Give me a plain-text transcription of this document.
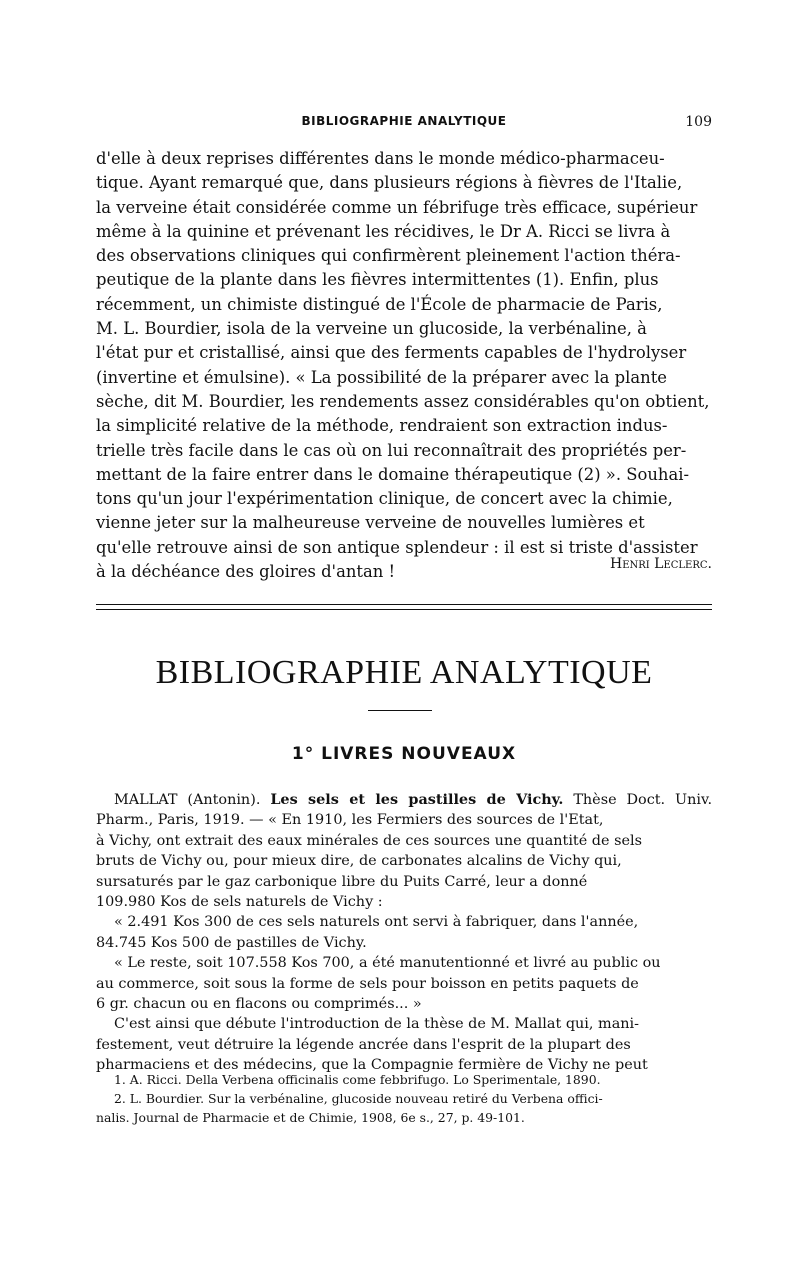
BIBLIOGRAPHIE ANALYTIQUE	109

d'elle à deux reprises différentes dans le monde médico-pharmaceu-

tique. Ayant remarqué que, dans plusieurs régions à fièvres de l'Italie,

la verveine était considérée comme un fébrifuge très efficace, supérieur

même à la quinine et prévenant les récidives, le Dr A. Ricci se livra à

des observations cliniques qui confirmèrent pleinement l'action théra-

peutique de la plante dans les fièvres intermittentes (1). Enfin, plus

récemment, un chimiste distingué de l'École de pharmacie de Paris,

M. L. Bourdier, isola de la verveine un glucoside, la verbénaline, à

l'état pur et cristallisé, ainsi que des ferments capables de l'hydrolyser

(invertine et émulsine). « La possibilité de la préparer avec la plante

sèche, dit M. Bourdier, les rendements assez considérables qu'on obtient,

la simplicité relative de la méthode, rendraient son extraction indus-

trielle très facile dans le cas où on lui reconnaîtrait des propriétés per-

mettant de la faire entrer dans le domaine thérapeutique (2) ». Souhai-

tons qu'un jour l'expérimentation clinique, de concert avec la chimie,

vienne jeter sur la malheureuse verveine de nouvelles lumières et

qu'elle retrouve ainsi de son antique splendeur : il est si triste d'assister

à la déchéance des gloires d'antan !	Henri Leclerc.
BIBLIOGRAPHIE ANALYTIQUE
1° LIVRES NOUVEAUX

MALLAT (Antonin). Les sels et les pastilles de Vichy. Thèse Doct. Univ. Pharm., Paris, 1919. — « En 1910, les Fermiers des sources de l'Etat,

à Vichy, ont extrait des eaux minérales de ces sources une quantité de sels

bruts de Vichy ou, pour mieux dire, de carbonates alcalins de Vichy qui,

sursaturés par le gaz carbonique libre du Puits Carré, leur a donné

109.980 Kos de sels naturels de Vichy :

« 2.491 Kos 300 de ces sels naturels ont servi à fabriquer, dans l'année,

84.745 Kos 500 de pastilles de Vichy.

« Le reste, soit 107.558 Kos 700, a été manutentionné et livré au public ou

au commerce, soit sous la forme de sels pour boisson en petits paquets de

6 gr. chacun ou en flacons ou comprimés... »

C'est ainsi que débute l'introduction de la thèse de M. Mallat qui, mani-

festement, veut détruire la légende ancrée dans l'esprit de la plupart des

pharmaciens et des médecins, que la Compagnie fermière de Vichy ne peut

1. A. Ricci. Della Verbena officinalis come febbrifugo. Lo Sperimentale, 1890.

2. L. Bourdier. Sur la verbénaline, glucoside nouveau retiré du Verbena offici-

nalis. Journal de Pharmacie et de Chimie, 1908, 6e s., 27, p. 49-101.
